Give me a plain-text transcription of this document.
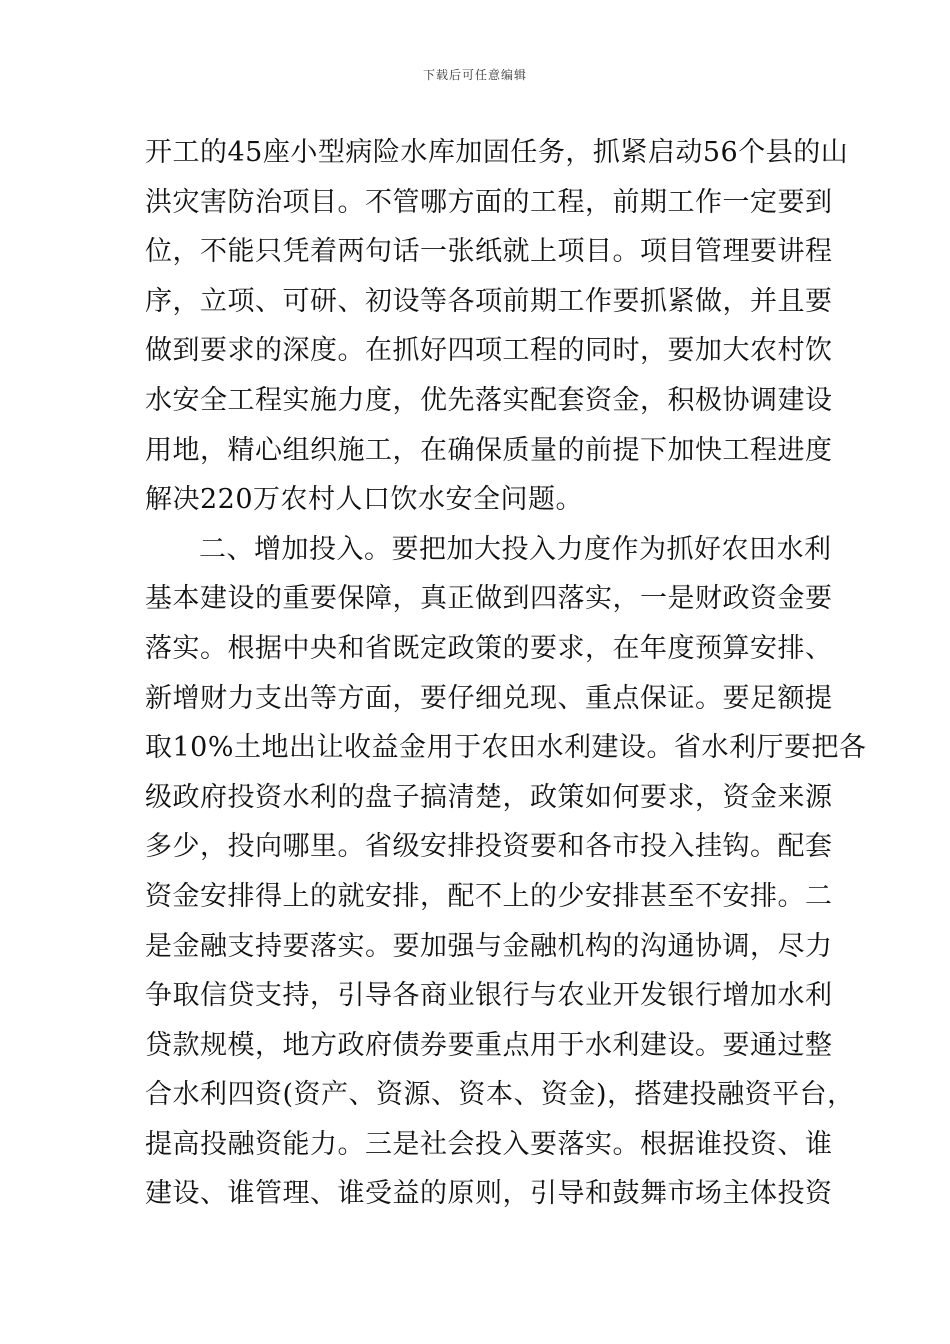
下载后可任意编辑
开工的45座小型病险水库加固任务，抓紧启动56个县的山
洪灾害防治项目。不管哪方面的工程，前期工作一定要到
位，不能只凭着两句话一张纸就上项目。项目管理要讲程
序，立项、可研、初设等各项前期工作要抓紧做，并且要
做到要求的深度。在抓好四项工程的同时，要加大农村饮
水安全工程实施力度，优先落实配套资金，积极协调建设
用地，精心组织施工，在确保质量的前提下加快工程进度
解决220万农村人口饮水安全问题。
二、增加投入。要把加大投入力度作为抓好农田水利
基本建设的重要保障，真正做到四落实，一是财政资金要
落实。根据中央和省既定政策的要求，在年度预算安排、
新增财力支出等方面，要仔细兑现、重点保证。要足额提
取10%土地出让收益金用于农田水利建设。省水利厅要把各
级政府投资水利的盘子搞清楚，政策如何要求，资金来源
多少，投向哪里。省级安排投资要和各市投入挂钩。配套
资金安排得上的就安排，配不上的少安排甚至不安排。二
是金融支持要落实。要加强与金融机构的沟通协调，尽力
争取信贷支持，引导各商业银行与农业开发银行增加水利
贷款规模，地方政府债券要重点用于水利建设。要通过整
合水利四资(资产、资源、资本、资金)，搭建投融资平台，
提高投融资能力。三是社会投入要落实。根据谁投资、谁
建设、谁管理、谁受益的原则，引导和鼓舞市场主体投资
